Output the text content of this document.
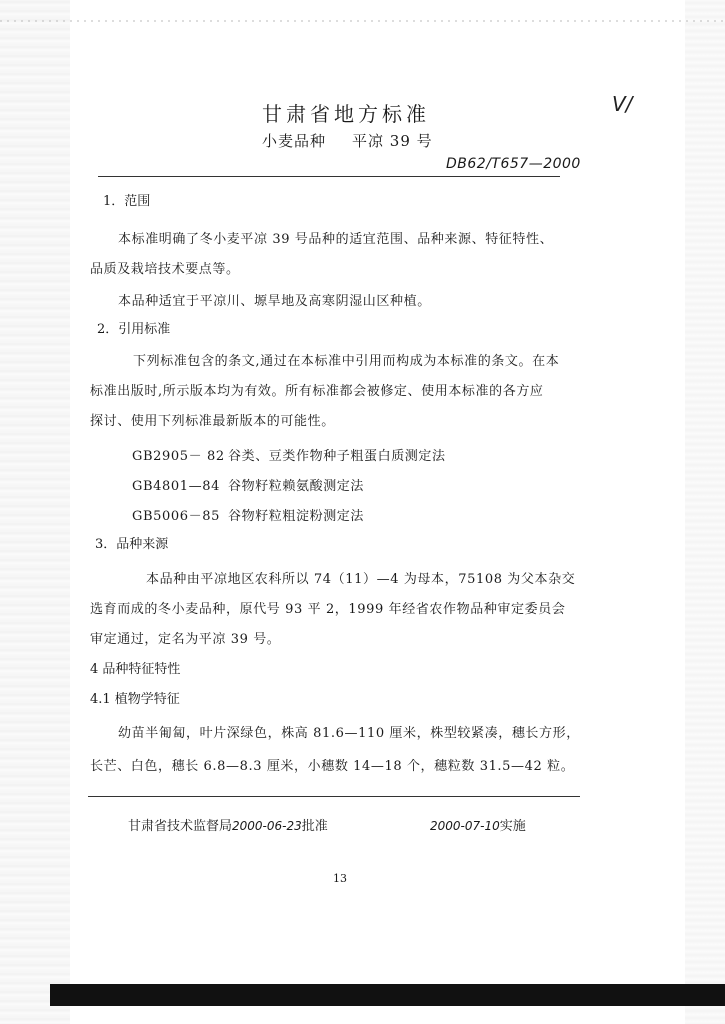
甘肃省地方标准
小麦品种 平凉 39 号
V/
DB62/T657—2000
1．范围
本标准明确了冬小麦平凉 39 号品种的适宜范围、品种来源、特征特性、
品质及栽培技术要点等。
本品种适宜于平凉川、塬旱地及高寒阴湿山区种植。
2．引用标准
下列标准包含的条文,通过在本标准中引用而构成为本标准的条文。在本
标准出版时,所示版本均为有效。所有标准都会被修定、使用本标准的各方应
探讨、使用下列标准最新版本的可能性。
GB2905－ 82 谷类、豆类作物种子粗蛋白质测定法
GB4801—84 谷物籽粒赖氨酸测定法
GB5006－85 谷物籽粒粗淀粉测定法
3．品种来源
本品种由平凉地区农科所以 74（11）—4 为母本，75108 为父本杂交
选育而成的冬小麦品种，原代号 93 平 2，1999 年经省农作物品种审定委员会
审定通过，定名为平凉 39 号。
4 品种特征特性
4.1 植物学特征
幼苗半匍匐，叶片深绿色，株高 81.6—110 厘米，株型较紧凑，穗长方形，
长芒、白色，穗长 6.8—8.3 厘米，小穗数 14—18 个，穗粒数 31.5—42 粒。
甘肃省技术监督局2000-06-23批准	2000-07-10实施
13
